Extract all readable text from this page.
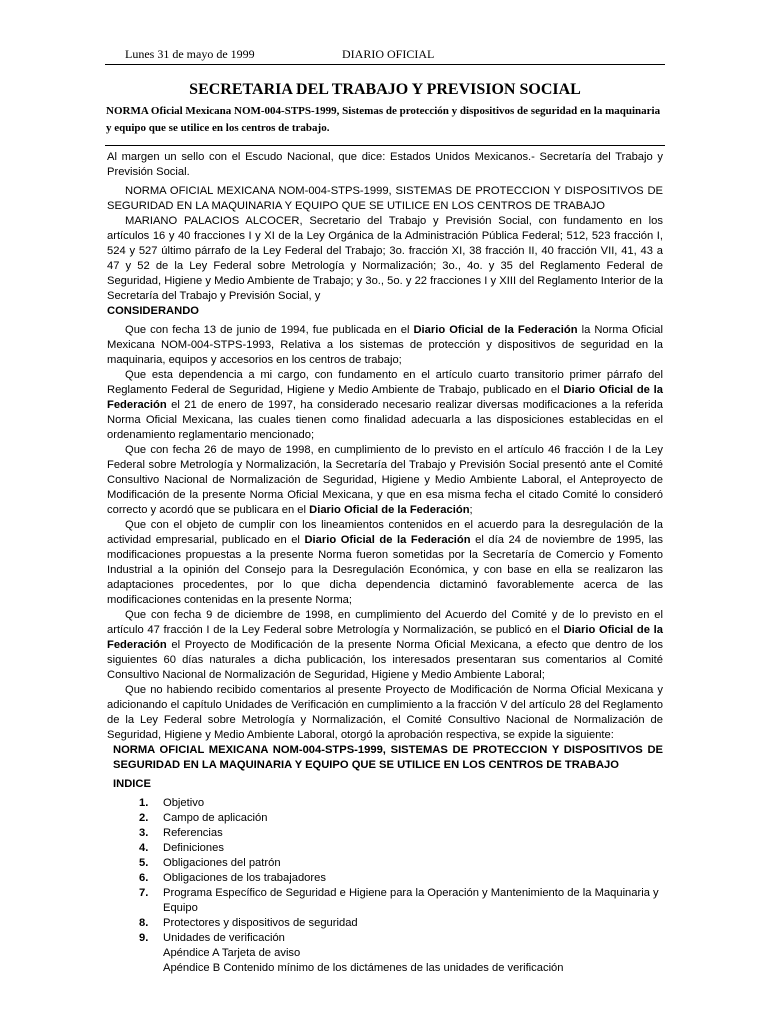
Lunes 31 de mayo de 1999	DIARIO OFICIAL
SECRETARIA DEL TRABAJO Y PREVISION SOCIAL
NORMA Oficial Mexicana NOM-004-STPS-1999, Sistemas de protección y dispositivos de seguridad en la maquinaria y equipo que se utilice en los centros de trabajo.

Al margen un sello con el Escudo Nacional, que dice: Estados Unidos Mexicanos.- Secretaría del Trabajo y Previsión Social.

NORMA OFICIAL MEXICANA NOM-004-STPS-1999, SISTEMAS DE PROTECCION Y DISPOSITIVOS DE SEGURIDAD EN LA MAQUINARIA Y EQUIPO QUE SE UTILICE EN LOS CENTROS DE TRABAJO

MARIANO PALACIOS ALCOCER, Secretario del Trabajo y Previsión Social, con fundamento en los artículos 16 y 40 fracciones I y XI de la Ley Orgánica de la Administración Pública Federal; 512, 523 fracción I, 524 y 527 último párrafo de la Ley Federal del Trabajo; 3o. fracción XI, 38 fracción II, 40 fracción VII, 41, 43 a 47 y 52 de la Ley Federal sobre Metrología y Normalización; 3o., 4o. y 35 del Reglamento Federal de Seguridad, Higiene y Medio Ambiente de Trabajo; y 3o., 5o. y 22 fracciones I y XIII del Reglamento Interior de la Secretaría del Trabajo y Previsión Social, y

CONSIDERANDO

Que con fecha 13 de junio de 1994, fue publicada en el Diario Oficial de la Federación la Norma Oficial Mexicana NOM-004-STPS-1993, Relativa a los sistemas de protección y dispositivos de seguridad en la maquinaria, equipos y accesorios en los centros de trabajo;

Que esta dependencia a mi cargo, con fundamento en el artículo cuarto transitorio primer párrafo del Reglamento Federal de Seguridad, Higiene y Medio Ambiente de Trabajo, publicado en el Diario Oficial de la Federación el 21 de enero de 1997, ha considerado necesario realizar diversas modificaciones a la referida Norma Oficial Mexicana, las cuales tienen como finalidad adecuarla a las disposiciones establecidas en el ordenamiento reglamentario mencionado;

Que con fecha 26 de mayo de 1998, en cumplimiento de lo previsto en el artículo 46 fracción I de la Ley Federal sobre Metrología y Normalización, la Secretaría del Trabajo y Previsión Social presentó ante el Comité Consultivo Nacional de Normalización de Seguridad, Higiene y Medio Ambiente Laboral, el Anteproyecto de Modificación de la presente Norma Oficial Mexicana, y que en esa misma fecha el citado Comité lo consideró correcto y acordó que se publicara en el Diario Oficial de la Federación;

Que con el objeto de cumplir con los lineamientos contenidos en el acuerdo para la desregulación de la actividad empresarial, publicado en el Diario Oficial de la Federación el día 24 de noviembre de 1995, las modificaciones propuestas a la presente Norma fueron sometidas por la Secretaría de Comercio y Fomento Industrial a la opinión del Consejo para la Desregulación Económica, y con base en ella se realizaron las adaptaciones procedentes, por lo que dicha dependencia dictaminó favorablemente acerca de las modificaciones contenidas en la presente Norma;

Que con fecha 9 de diciembre de 1998, en cumplimiento del Acuerdo del Comité y de lo previsto en el artículo 47 fracción I de la Ley Federal sobre Metrología y Normalización, se publicó en el Diario Oficial de la Federación el Proyecto de Modificación de la presente Norma Oficial Mexicana, a efecto que dentro de los siguientes 60 días naturales a dicha publicación, los interesados presentaran sus comentarios al Comité Consultivo Nacional de Normalización de Seguridad, Higiene y Medio Ambiente Laboral;

Que no habiendo recibido comentarios al presente Proyecto de Modificación de Norma Oficial Mexicana y adicionando el capítulo Unidades de Verificación en cumplimiento a la fracción V del artículo 28 del Reglamento de la Ley Federal sobre Metrología y Normalización, el Comité Consultivo Nacional de Normalización de Seguridad, Higiene y Medio Ambiente Laboral, otorgó la aprobación respectiva, se expide la siguiente:

NORMA OFICIAL MEXICANA NOM-004-STPS-1999, SISTEMAS DE PROTECCION Y DISPOSITIVOS DE SEGURIDAD EN LA MAQUINARIA Y EQUIPO QUE SE UTILICE EN LOS CENTROS DE TRABAJO

INDICE

1.	Objetivo
2.	Campo de aplicación
3.	Referencias
4.	Definiciones
5.	Obligaciones del patrón
6.	Obligaciones de los trabajadores
7.	Programa Específico de Seguridad e Higiene para la Operación y Mantenimiento de la Maquinaria y Equipo
8.	Protectores y dispositivos de seguridad
9.	Unidades de verificación
Apéndice A Tarjeta de aviso
Apéndice B Contenido mínimo de los dictámenes de las unidades de verificación
